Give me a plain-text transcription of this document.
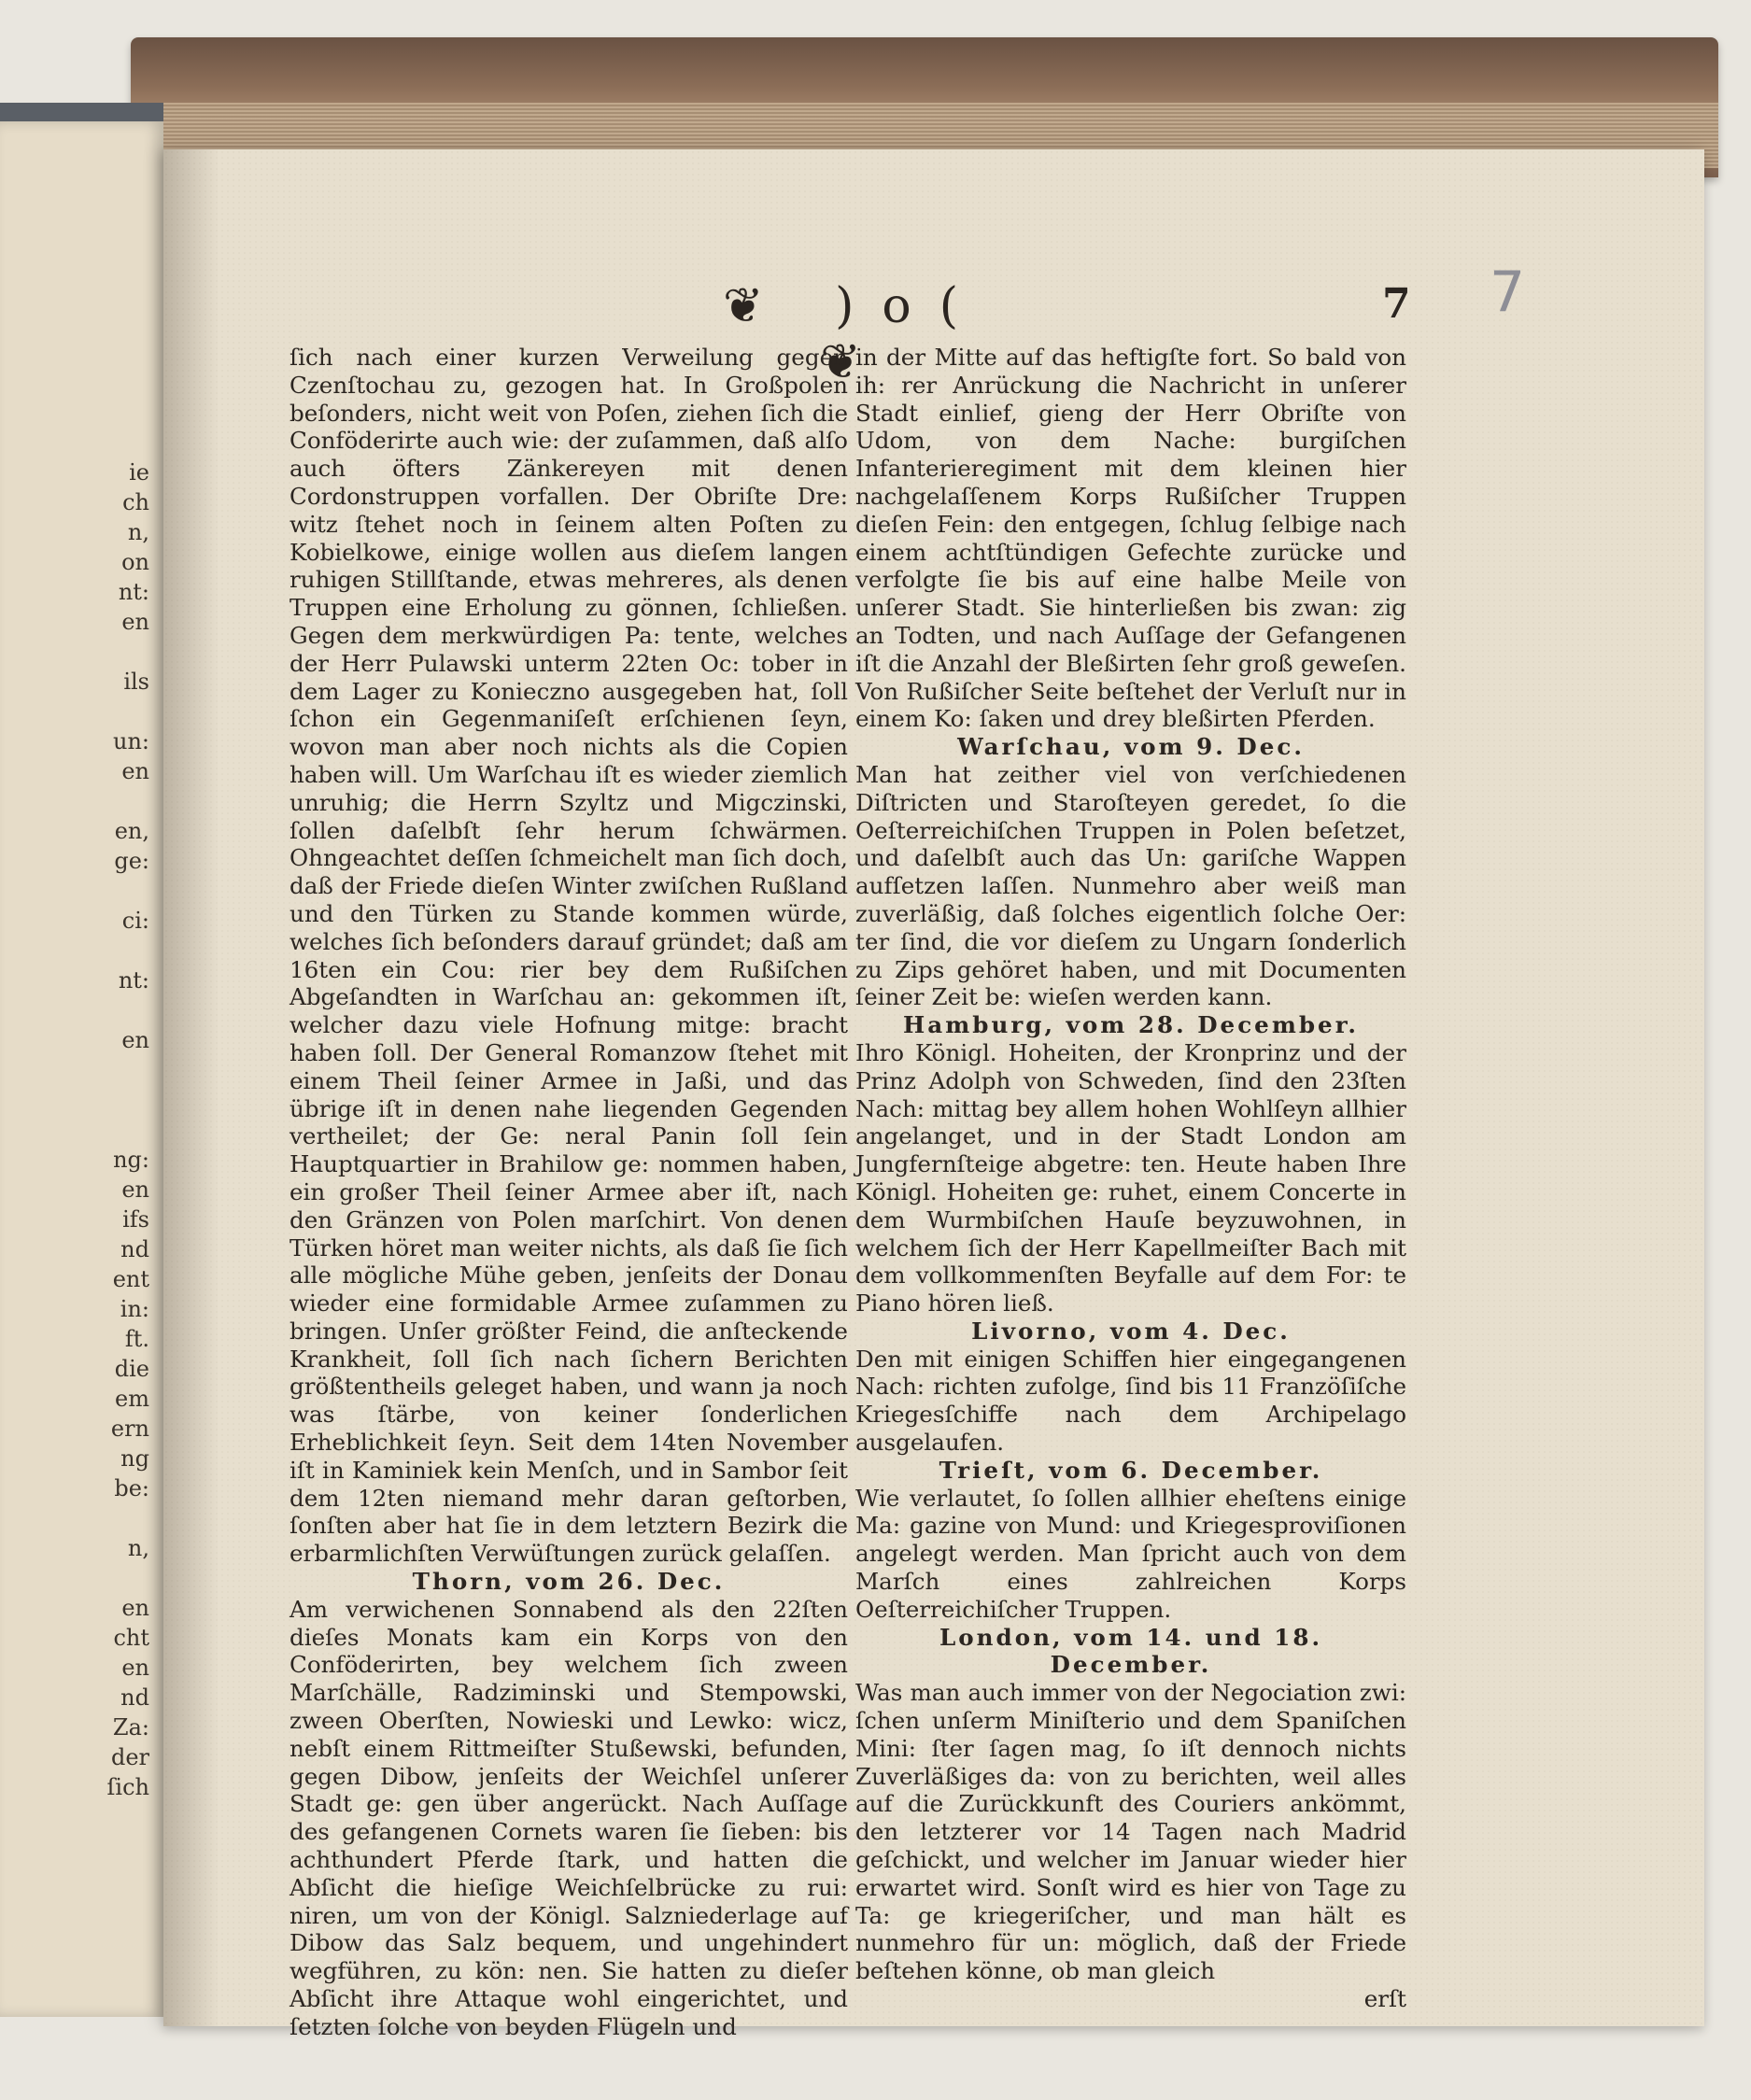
ie
ch
n,
on
nt:
en
ils
un:
en
en,
ge:
ci:
nt:
en
ng:
en
ifs
nd
ent
in:
ft.
die
em
ern
ng
be:
n,
en
cht
en
nd
Za:
der
ſich
7
❦ )o( ❦
7

ſich nach einer kurzen Verweilung gegen Czenſtochau zu, gezogen hat. In Großpolen beſonders, nicht weit von Poſen, ziehen ſich die Conföderirte auch wie: der zuſammen, daß alſo auch öfters Zänkereyen mit denen Cordonstruppen vorfallen. Der Obriſte Dre: witz ſtehet noch in ſeinem alten Poſten zu Kobielkowe, einige wollen aus dieſem langen ruhigen Stillſtande, etwas mehreres, als denen Truppen eine Erholung zu gönnen, ſchließen. Gegen dem merkwürdigen Pa: tente, welches der Herr Pulawski unterm 22ten Oc: tober in dem Lager zu Konieczno ausgegeben hat, ſoll ſchon ein Gegenmaniſeſt erſchienen ſeyn, wovon man aber noch nichts als die Copien haben will. Um Warſchau iſt es wieder ziemlich unruhig; die Herrn Szyltz und Migczinski, ſollen daſelbſt ſehr herum ſchwärmen. Ohngeachtet deſſen ſchmeichelt man ſich doch, daß der Friede dieſen Winter zwiſchen Rußland und den Türken zu Stande kommen würde, welches ſich beſonders darauf gründet; daß am 16ten ein Cou: rier bey dem Rußiſchen Abgeſandten in Warſchau an: gekommen iſt, welcher dazu viele Hofnung mitge: bracht haben ſoll. Der General Romanzow ſtehet mit einem Theil ſeiner Armee in Jaßi, und das übrige iſt in denen nahe liegenden Gegenden vertheilet; der Ge: neral Panin ſoll ſein Hauptquartier in Brahilow ge: nommen haben, ein großer Theil ſeiner Armee aber iſt, nach den Gränzen von Polen marſchirt. Von denen Türken höret man weiter nichts, als daß ſie ſich alle mögliche Mühe geben, jenſeits der Donau wieder eine formidable Armee zuſammen zu bringen. Unſer größter Feind, die anſteckende Krankheit, ſoll ſich nach ſichern Berichten größtentheils geleget haben, und wann ja noch was ſtärbe, von keiner ſonderlichen Erheblichkeit ſeyn. Seit dem 14ten November iſt in Kaminiek kein Menſch, und in Sambor ſeit dem 12ten niemand mehr daran geſtorben, ſonſten aber hat ſie in dem letztern Bezirk die erbarmlichſten Verwüſtungen zurück gelaſſen.

Thorn, vom 26. Dec.

Am verwichenen Sonnabend als den 22ſten dieſes Monats kam ein Korps von den Conföderirten, bey welchem ſich zween Marſchälle, Radziminski und Stempowski, zween Oberſten, Nowieski und Lewko: wicz, nebſt einem Rittmeiſter Stußewski, befunden, gegen Dibow, jenſeits der Weichſel unſerer Stadt ge: gen über angerückt. Nach Auſſage des gefangenen Cornets waren ſie ſieben: bis achthundert Pferde ſtark, und hatten die Abſicht die hieſige Weichſelbrücke zu rui: niren, um von der Königl. Salzniederlage auf Dibow das Salz bequem, und ungehindert wegführen, zu kön: nen. Sie hatten zu dieſer Abſicht ihre Attaque wohl eingerichtet, und ſetzten ſolche von beyden Flügeln und

in der Mitte auf das heftigſte fort. So bald von ih: rer Anrückung die Nachricht in unſerer Stadt einlief, gieng der Herr Obriſte von Udom, von dem Nache: burgiſchen Infanterieregiment mit dem kleinen hier nachgelaſſenem Korps Rußiſcher Truppen dieſen Fein: den entgegen, ſchlug ſelbige nach einem achtſtündigen Gefechte zurücke und verfolgte ſie bis auf eine halbe Meile von unſerer Stadt. Sie hinterließen bis zwan: zig an Todten, und nach Auſſage der Gefangenen iſt die Anzahl der Bleßirten ſehr groß geweſen. Von Rußiſcher Seite beſtehet der Verluſt nur in einem Ko: ſaken und drey bleßirten Pferden.

Warſchau, vom 9. Dec.

Man hat zeither viel von verſchiedenen Diſtricten und Staroſteyen geredet, ſo die Oeſterreichiſchen Truppen in Polen beſetzet, und daſelbſt auch das Un: gariſche Wappen aufſetzen laſſen. Nunmehro aber weiß man zuverläßig, daß ſolches eigentlich ſolche Oer: ter ſind, die vor dieſem zu Ungarn ſonderlich zu Zips gehöret haben, und mit Documenten ſeiner Zeit be: wieſen werden kann.

Hamburg, vom 28. December.

Ihro Königl. Hoheiten, der Kronprinz und der Prinz Adolph von Schweden, ſind den 23ſten Nach: mittag bey allem hohen Wohlſeyn allhier angelanget, und in der Stadt London am Jungfernſteige abgetre: ten. Heute haben Ihre Königl. Hoheiten ge: ruhet, einem Concerte in dem Wurmbiſchen Hauſe beyzuwohnen, in welchem ſich der Herr Kapellmeiſter Bach mit dem vollkommenſten Beyfalle auf dem For: te Piano hören ließ.

Livorno, vom 4. Dec.

Den mit einigen Schiffen hier eingegangenen Nach: richten zufolge, ſind bis 11 Franzöſiſche Kriegesſchiffe nach dem Archipelago ausgelaufen.

Trieſt, vom 6. December.

Wie verlautet, ſo ſollen allhier eheſtens einige Ma: gazine von Mund: und Kriegesproviſionen angelegt werden. Man ſpricht auch von dem Marſch eines zahlreichen Korps Oeſterreichiſcher Truppen.

London, vom 14. und 18. December.

Was man auch immer von der Negociation zwi: ſchen unſerm Miniſterio und dem Spaniſchen Mini: ſter ſagen mag, ſo iſt dennoch nichts Zuverläßiges da: von zu berichten, weil alles auf die Zurückkunft des Couriers ankömmt, den letzterer vor 14 Tagen nach Madrid geſchickt, und welcher im Januar wieder hier erwartet wird. Sonſt wird es hier von Tage zu Ta: ge kriegeriſcher, und man hält es nunmehro für un: möglich, daß der Friede beſtehen könne, ob man gleich

erſt
